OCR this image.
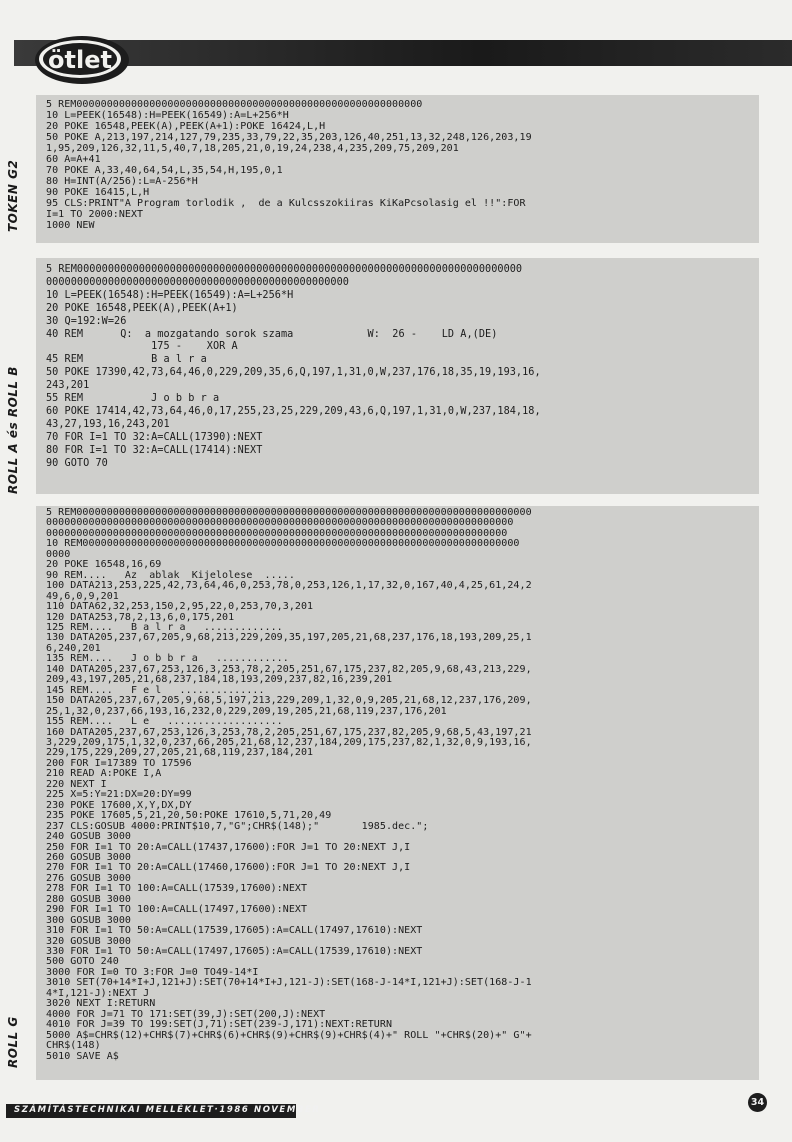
ötlet
TOKEN G2
5 REM000000000000000000000000000000000000000000000000000000000
10 L=PEEK(16548):H=PEEK(16549):A=L+256*H
20 POKE 16548,PEEK(A),PEEK(A+1):POKE 16424,L,H
50 POKE A,213,197,214,127,79,235,33,79,22,35,203,126,40,251,13,32,248,126,203,19
1,95,209,126,32,11,5,40,7,18,205,21,0,19,24,238,4,235,209,75,209,201
60 A=A+41
70 POKE A,33,40,64,54,L,35,54,H,195,0,1
80 H=INT(A/256):L=A-256*H
90 POKE 16415,L,H
95 CLS:PRINT"A Program torlodik ,  de a Kulcsszokiiras KiKaPcsolasig el !!":FOR
I=1 TO 2000:NEXT
1000 NEW
ROLL A és ROLL B
5 REM000000000000000000000000000000000000000000000000000000000000000000000000
0000000000000000000000000000000000000000000000000
10 L=PEEK(16548):H=PEEK(16549):A=L+256*H
20 POKE 16548,PEEK(A),PEEK(A+1)
30 Q=192:W=26
40 REM      Q:  a mozgatando sorok szama            W:  26 -    LD A,(DE)
175 -    XOR A
45 REM           B a l r a
50 POKE 17390,42,73,64,46,0,229,209,35,6,Q,197,1,31,0,W,237,176,18,35,19,193,16,
243,201
55 REM           J o b b r a
60 POKE 17414,42,73,64,46,0,17,255,23,25,229,209,43,6,Q,197,1,31,0,W,237,184,18,
43,27,193,16,243,201
70 FOR I=1 TO 32:A=CALL(17390):NEXT
80 FOR I=1 TO 32:A=CALL(17414):NEXT
90 GOTO 70
ROLL G
5 REM000000000000000000000000000000000000000000000000000000000000000000000000000
00000000000000000000000000000000000000000000000000000000000000000000000000000
0000000000000000000000000000000000000000000000000000000000000000000000000000
10 REM000000000000000000000000000000000000000000000000000000000000000000000000
0000
20 POKE 16548,16,69
90 REM....   Az  ablak  Kijelolese  .....
100 DATA213,253,225,42,73,64,46,0,253,78,0,253,126,1,17,32,0,167,40,4,25,61,24,2
49,6,0,9,201
110 DATA62,32,253,150,2,95,22,0,253,70,3,201
120 DATA253,78,2,13,6,0,175,201
125 REM....   B a l r a   .............
130 DATA205,237,67,205,9,68,213,229,209,35,197,205,21,68,237,176,18,193,209,25,1
6,240,201
135 REM....   J o b b r a   ............
140 DATA205,237,67,253,126,3,253,78,2,205,251,67,175,237,82,205,9,68,43,213,229,
209,43,197,205,21,68,237,184,18,193,209,237,82,16,239,201
145 REM....   F e l   ..............
150 DATA205,237,67,205,9,68,5,197,213,229,209,1,32,0,9,205,21,68,12,237,176,209,
25,1,32,0,237,66,193,16,232,0,229,209,19,205,21,68,119,237,176,201
155 REM....   L e   ...................
160 DATA205,237,67,253,126,3,253,78,2,205,251,67,175,237,82,205,9,68,5,43,197,21
3,229,209,175,1,32,0,237,66,205,21,68,12,237,184,209,175,237,82,1,32,0,9,193,16,
229,175,229,209,27,205,21,68,119,237,184,201
200 FOR I=17389 TO 17596
210 READ A:POKE I,A
220 NEXT I
225 X=5:Y=21:DX=20:DY=99
230 POKE 17600,X,Y,DX,DY
235 POKE 17605,5,21,20,50:POKE 17610,5,71,20,49
237 CLS:GOSUB 4000:PRINT$10,7,"G";CHR$(148);"       1985.dec.";
240 GOSUB 3000
250 FOR I=1 TO 20:A=CALL(17437,17600):FOR J=1 TO 20:NEXT J,I
260 GOSUB 3000
270 FOR I=1 TO 20:A=CALL(17460,17600):FOR J=1 TO 20:NEXT J,I
276 GOSUB 3000
278 FOR I=1 TO 100:A=CALL(17539,17600):NEXT
280 GOSUB 3000
290 FOR I=1 TO 100:A=CALL(17497,17600):NEXT
300 GOSUB 3000
310 FOR I=1 TO 50:A=CALL(17539,17605):A=CALL(17497,17610):NEXT
320 GOSUB 3000
330 FOR I=1 TO 50:A=CALL(17497,17605):A=CALL(17539,17610):NEXT
500 GOTO 240
3000 FOR I=0 TO 3:FOR J=0 TO49-14*I
3010 SET(70+14*I+J,121+J):SET(70+14*I+J,121-J):SET(168-J-14*I,121+J):SET(168-J-1
4*I,121-J):NEXT J
3020 NEXT I:RETURN
4000 FOR J=71 TO 171:SET(39,J):SET(200,J):NEXT
4010 FOR J=39 TO 199:SET(J,71):SET(239-J,171):NEXT:RETURN
5000 A$=CHR$(12)+CHR$(7)+CHR$(6)+CHR$(9)+CHR$(9)+CHR$(4)+" ROLL "+CHR$(20)+" G"+
CHR$(148)
5010 SAVE A$
SZÁMÍTÁSTECHNIKAI MELLÉKLET·1986 NOVEMBER
34
